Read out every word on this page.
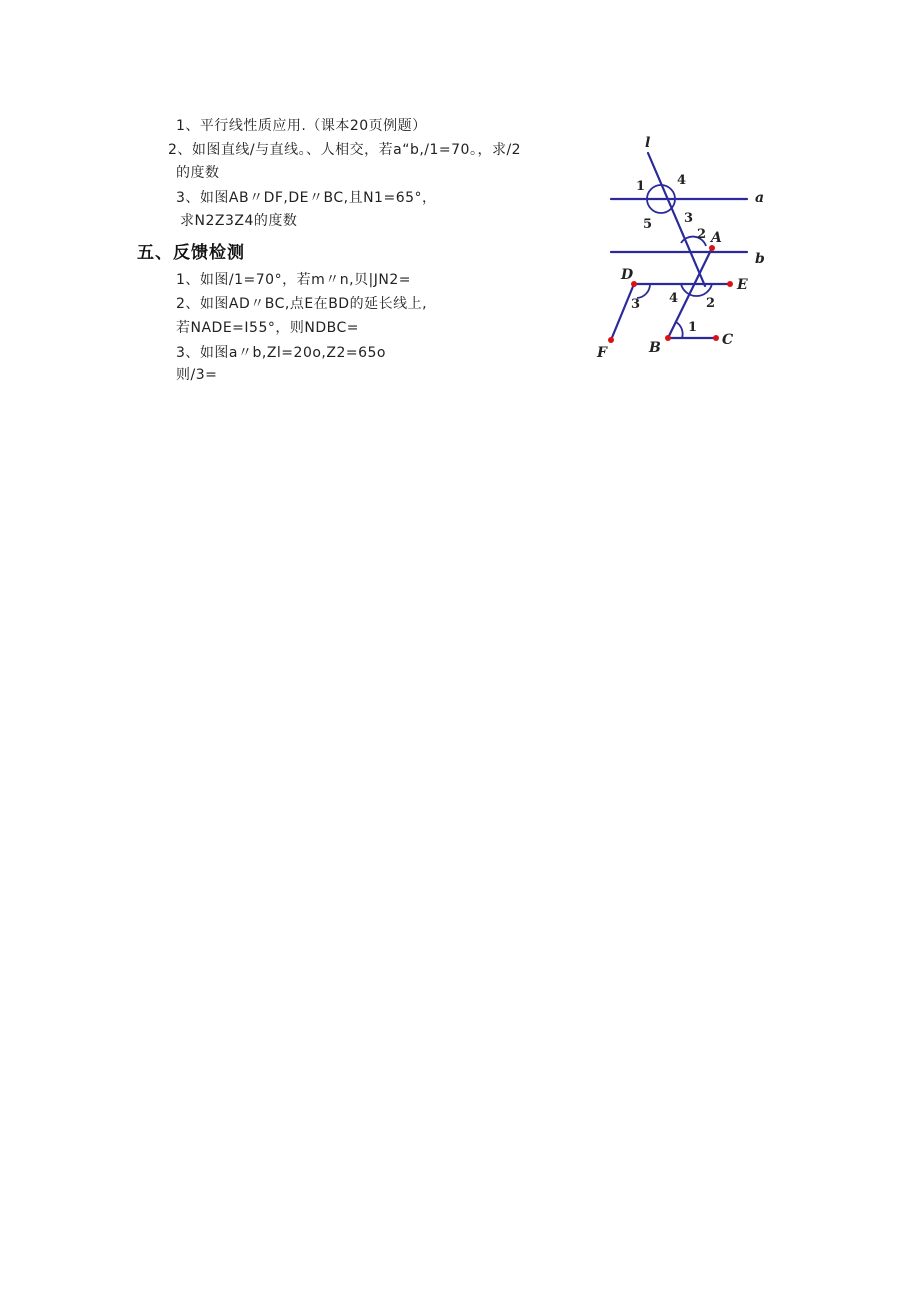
1、平行线性质应用.（课本20页例题）
2、如图直线/与直线。、人相交，若a“b,/1=70。，求/2
的度数
3、如图AB〃DF,DE〃BC,且N1=65°，
求N2Z3Z4的度数
五、反馈检测
1、如图/1=70°，若m〃n,贝|JN2=
2、如图AD〃BC,点E在BD的延长线上,
若NADE=I55°，则NDBC=
3、如图a〃b,Zl=20o,Z2=65o
则/3=
l
a
b
A
D
E
F	B	C
1 4
5 3
2
3 4 2
1
